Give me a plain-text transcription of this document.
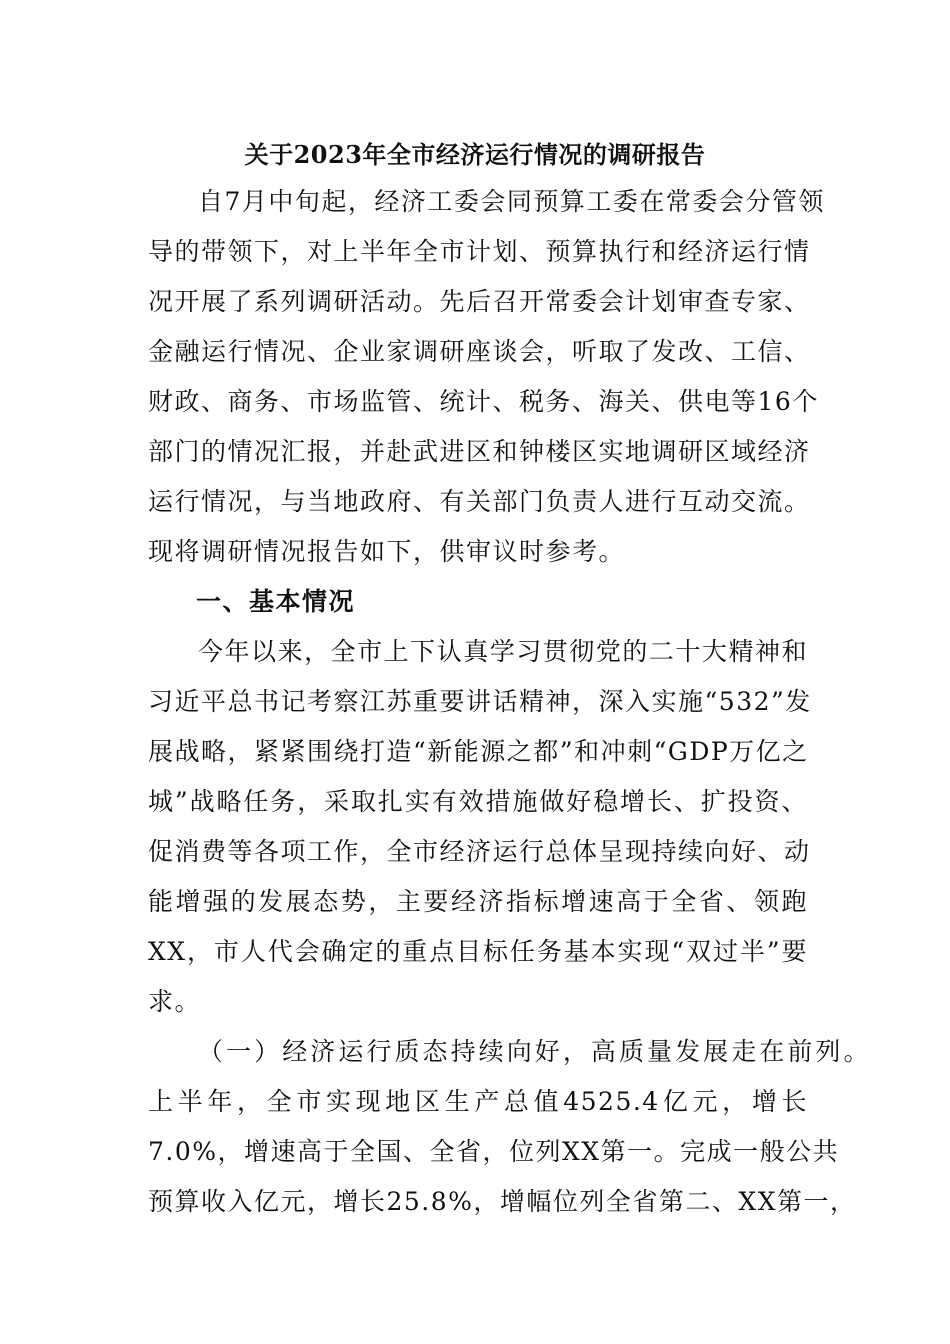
关于2023年全市经济运行情况的调研报告
自7月中旬起，经济工委会同预算工委在常委会分管领
导的带领下，对上半年全市计划、预算执行和经济运行情
况开展了系列调研活动。先后召开常委会计划审查专家、
金融运行情况、企业家调研座谈会，听取了发改、工信、
财政、商务、市场监管、统计、税务、海关、供电等16个
部门的情况汇报，并赴武进区和钟楼区实地调研区域经济
运行情况，与当地政府、有关部门负责人进行互动交流。
现将调研情况报告如下，供审议时参考。
一、基本情况
今年以来，全市上下认真学习贯彻党的二十大精神和
习近平总书记考察江苏重要讲话精神，深入实施“532”发
展战略，紧紧围绕打造“新能源之都”和冲刺“GDP万亿之
城”战略任务，采取扎实有效措施做好稳增长、扩投资、
促消费等各项工作，全市经济运行总体呈现持续向好、动
能增强的发展态势，主要经济指标增速高于全省、领跑
XX，市人代会确定的重点目标任务基本实现“双过半”要
求。
（一）经济运行质态持续向好，高质量发展走在前列。
上半年，全市实现地区生产总值4525.4亿元，增长
7.0%，增速高于全国、全省，位列XX第一。完成一般公共
预算收入亿元，增长25.8%，增幅位列全省第二、XX第一，
